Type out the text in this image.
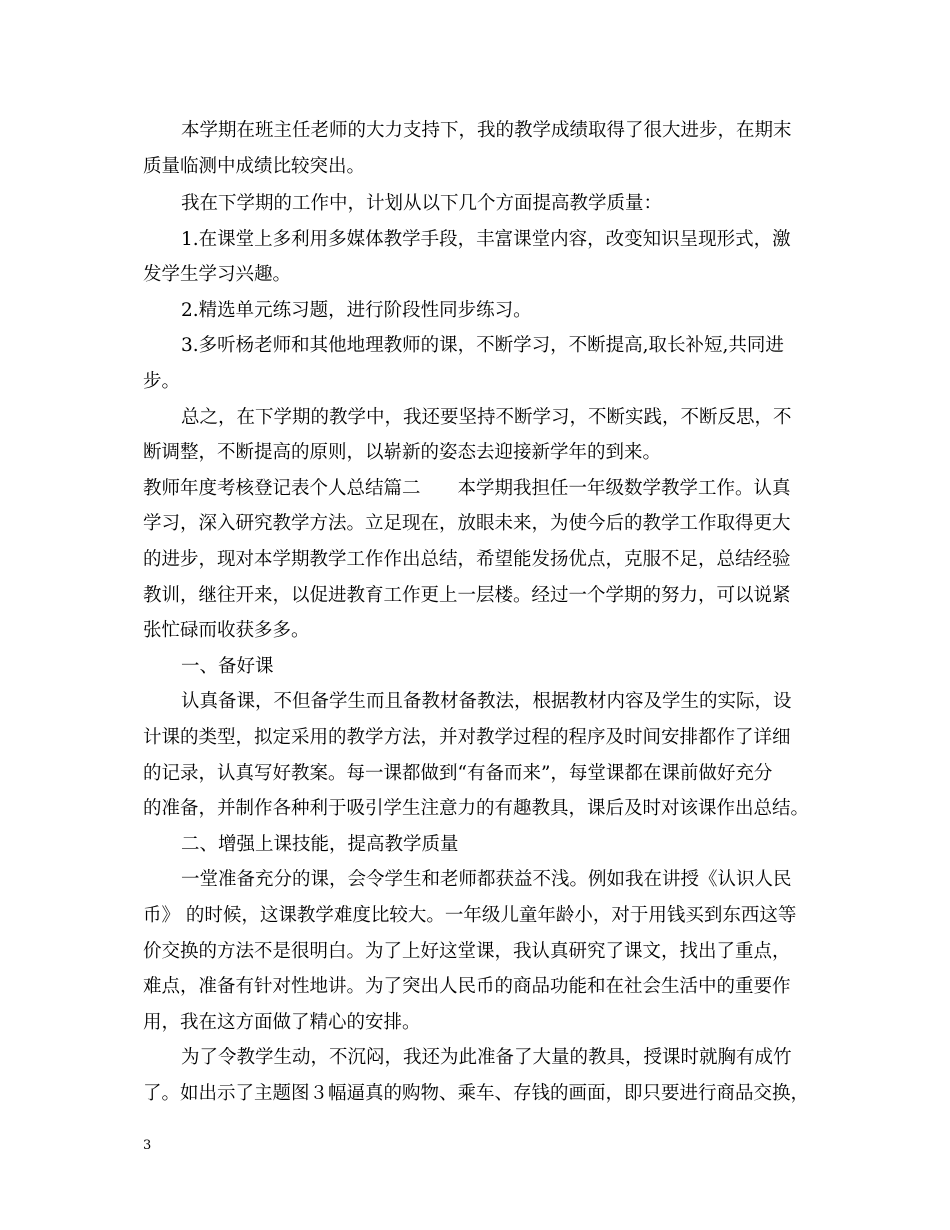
本学期在班主任老师的大力支持下，我的教学成绩取得了很大进步，在期末
质量临测中成绩比较突出。
我在下学期的工作中，计划从以下几个方面提高教学质量：
1.在课堂上多利用多媒体教学手段，丰富课堂内容，改变知识呈现形式，激
发学生学习兴趣。
2.精选单元练习题，进行阶段性同步练习。
3.多听杨老师和其他地理教师的课，不断学习，不断提高,取长补短,共同进
步。
总之，在下学期的教学中，我还要坚持不断学习，不断实践，不断反思，不
断调整，不断提高的原则，以崭新的姿态去迎接新学年的到来。
教师年度考核登记表个人总结篇二　　本学期我担任一年级数学教学工作。认真
学习，深入研究教学方法。立足现在，放眼未来，为使今后的教学工作取得更大
的进步，现对本学期教学工作作出总结，希望能发扬优点，克服不足，总结经验
教训，继往开来，以促进教育工作更上一层楼。经过一个学期的努力，可以说紧
张忙碌而收获多多。
一、备好课
认真备课，不但备学生而且备教材备教法，根据教材内容及学生的实际，设
计课的类型，拟定采用的教学方法，并对教学过程的程序及时间安排都作了详细
的记录，认真写好教案。每一课都做到“有备而来”，每堂课都在课前做好充分
的准备，并制作各种利于吸引学生注意力的有趣教具，课后及时对该课作出总结。
二、增强上课技能，提高教学质量
一堂准备充分的课，会令学生和老师都获益不浅。例如我在讲授《认识人民
币》 的时候，这课教学难度比较大。一年级儿童年龄小，对于用钱买到东西这等
价交换的方法不是很明白。为了上好这堂课，我认真研究了课文，找出了重点，
难点，准备有针对性地讲。为了突出人民币的商品功能和在社会生活中的重要作
用，我在这方面做了精心的安排。
为了令教学生动，不沉闷，我还为此准备了大量的教具，授课时就胸有成竹
了。如出示了主题图３幅逼真的购物、乘车、存钱的画面，即只要进行商品交换，
3
